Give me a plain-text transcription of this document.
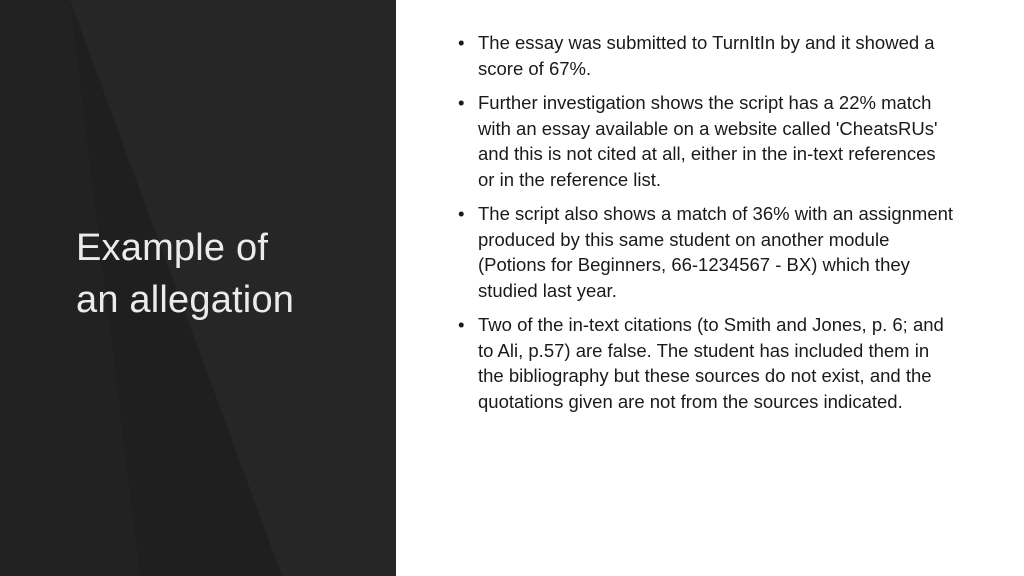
Example of
an allegation
• The essay was submitted to TurnItIn by and it showed a score of 67%.
• Further investigation shows the script has a 22% match with an essay available on a website called 'CheatsRUs' and this is not cited at all, either in the in-text references or in the reference list.
• The script also shows a match of 36% with an assignment produced by this same student on another module (Potions for Beginners, 66-1234567 - BX) which they studied last year.
• Two of the in-text citations (to Smith and Jones, p. 6; and to Ali, p.57) are false. The student has included them in the bibliography but these sources do not exist, and the quotations given are not from the sources indicated.
